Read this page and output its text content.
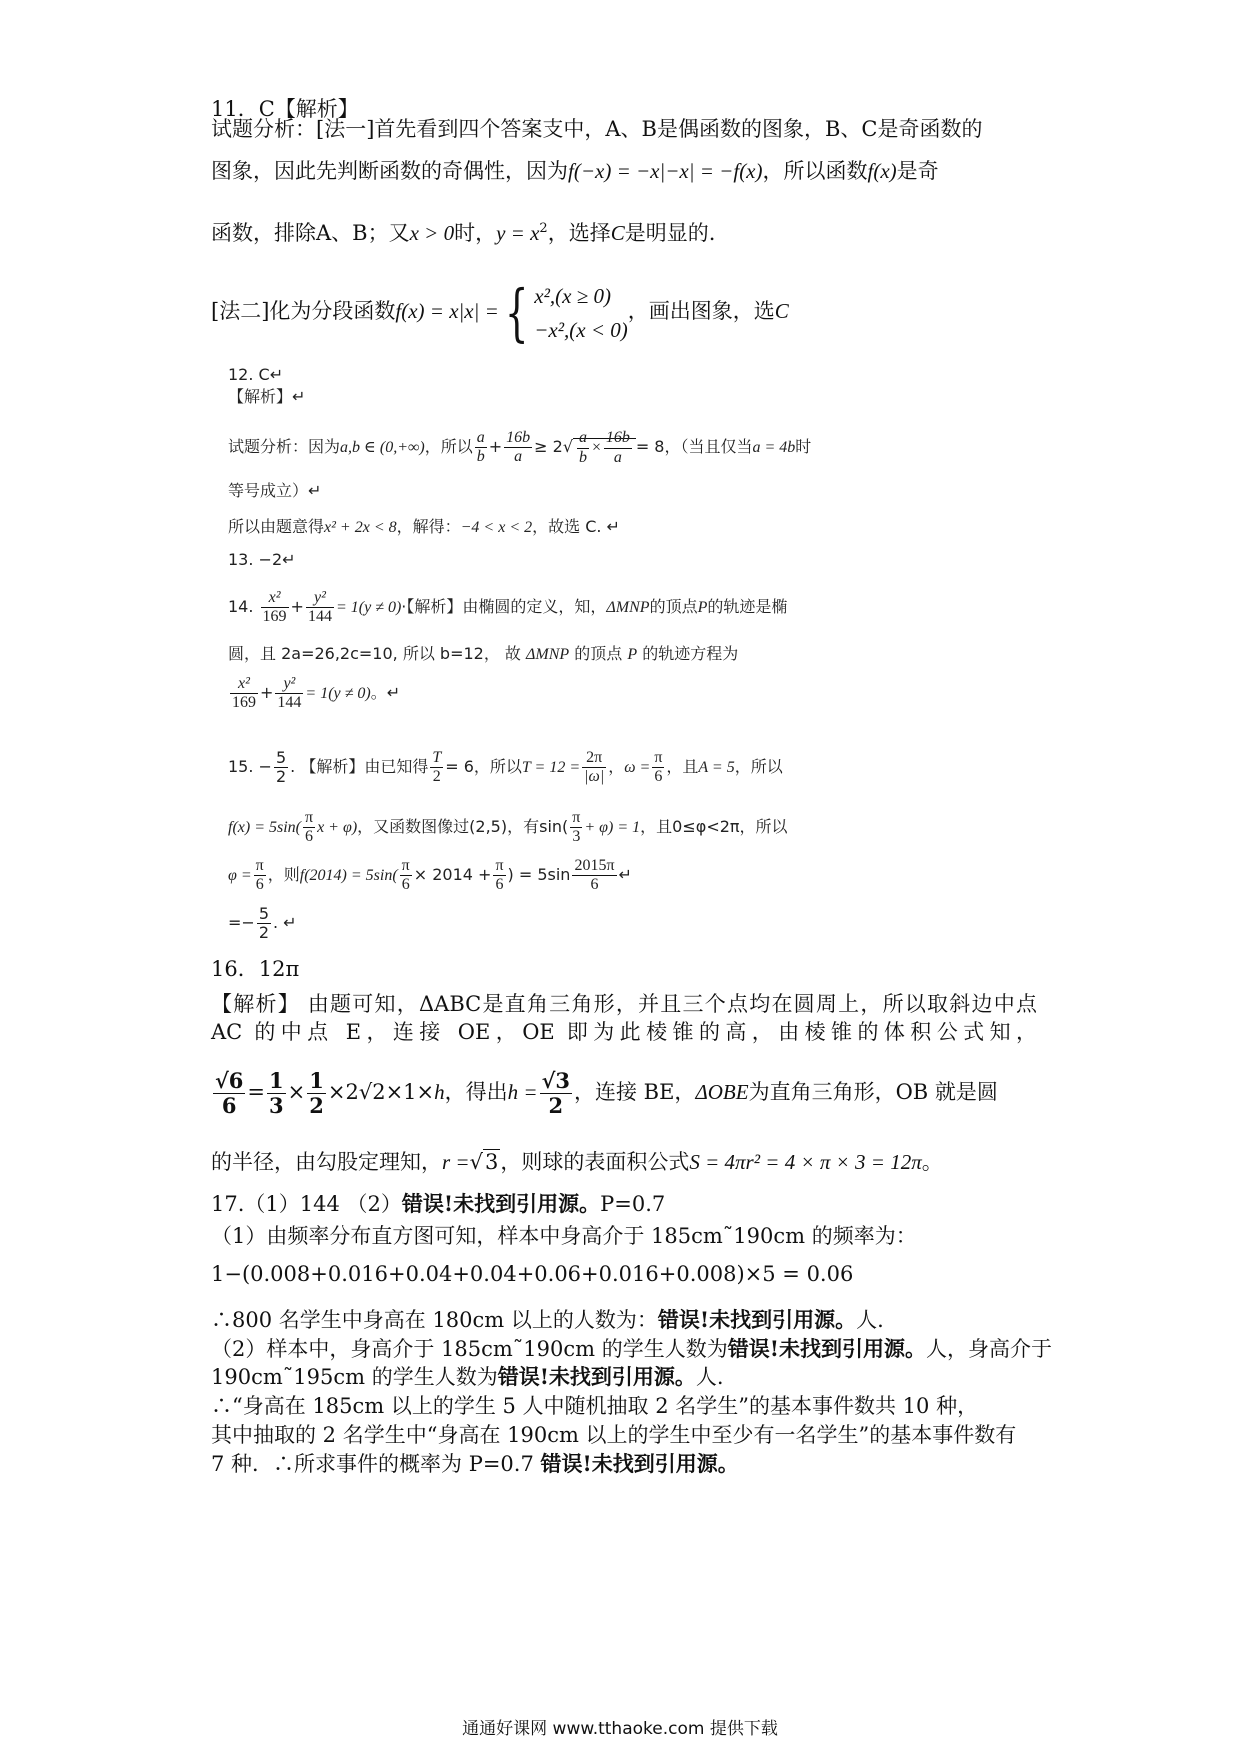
11．C【解析】
试题分析：[法一]首先看到四个答案支中，A、B是偶函数的图象，B、C是奇函数的
图象，因此先判断函数的奇偶性，因为f(−x) = −x|−x| = −f(x)，所以函数f(x)是奇
函数，排除A、B；又x > 0时，$y = x^2$，选择C是明显的.
[法二]化为分段函数f(x) = x|x| ={ x²,(x ≥ 0)
−x²,(x < 0)，画出图象，选C
12. C↵
【解析】↵
试题分析：因为a,b ∈ (0,+∞)，所以 $\frac{a}{b} + \frac{16b}{a} \ge 2√ \frac{a}{b} \times \frac{16b}{a} = 8$，（当且仅当a = 4b时
等号成立）↵
所以由题意得x² + 2x < 8，解得：−4 < x < 2，故选 C. ↵
13. −2↵
14. $\frac{\text{x²}}{169} + \frac{\text{y²}}{144} = 1(y \ne 0)\cdot$【解析】由椭圆的定义，知，ΔMNP的顶点P的轨迹是椭
圆，且 2a=26,2c=10, 所以 b=12， 故 ΔMNP 的顶点 P 的轨迹方程为
$\frac{\text{x²}}{169} + \frac{\text{y²}}{144} = 1(y \ne 0)$。↵
15. − $\frac{5}{2}$ . 【解析】由已知得 $\frac{T}{2} = 6$，所以$T = 12 = \frac{2\pi}{|\omega|}$ ，$\omega = \frac{\pi}{6}$ ，且A = 5，所以
$f(x) = 5\sin( \frac{\pi}{6}$ x + φ)，又函数图像过(2,5)，有$\sin( \frac{\pi}{3} + \varphi) = 1$，且0≤φ<2π，所以
$\varphi = \frac{\pi}{6}$ ，则$f(2014) = 5\sin( \frac{\pi}{6} \times 2014 + \frac{\pi}{6}$ ) = $5\sin \frac{2015\pi}{6}$ ↵
=− $\frac{5}{2}$ . ↵
16．12π
【解析】 由题可知，ΔABC是直角三角形，并且三个点均在圆周上，所以取斜边中点
AC 的中点 E，连接 OE，OE 即为此棱锥的高，由棱锥的体积公式知，
$\frac{√6}{6} = \frac{1}{3} \times \frac{1}{2} \times 2√2\times 1\times h$，得出$h = \frac{√3}{2}$ ，连接 BE，ΔOBE为直角三角形，OB 就是圆
的半径，由勾股定理知，r =√3，则球的表面积公式S = 4πr² = 4 × π × 3 = 12π。
17.（1）144 （2）错误!未找到引用源。P=0.7
（1）由频率分布直方图可知，样本中身高介于 185cm˜190cm 的频率为：
1−(0.008+0.016+0.04+0.04+0.06+0.016+0.008)×5 = 0.06
∴800 名学生中身高在 180cm 以上的人数为：错误!未找到引用源。人.
（2）样本中，身高介于 185cm˜190cm 的学生人数为错误!未找到引用源。人，身高介于
190cm˜195cm 的学生人数为错误!未找到引用源。人.
∴“身高在 185cm 以上的学生 5 人中随机抽取 2 名学生”的基本事件数共 10 种，
其中抽取的 2 名学生中“身高在 190cm 以上的学生中至少有一名学生”的基本事件数有
7 种．∴所求事件的概率为 P=0.7 错误!未找到引用源。
通通好课网 www.tthaoke.com 提供下载
